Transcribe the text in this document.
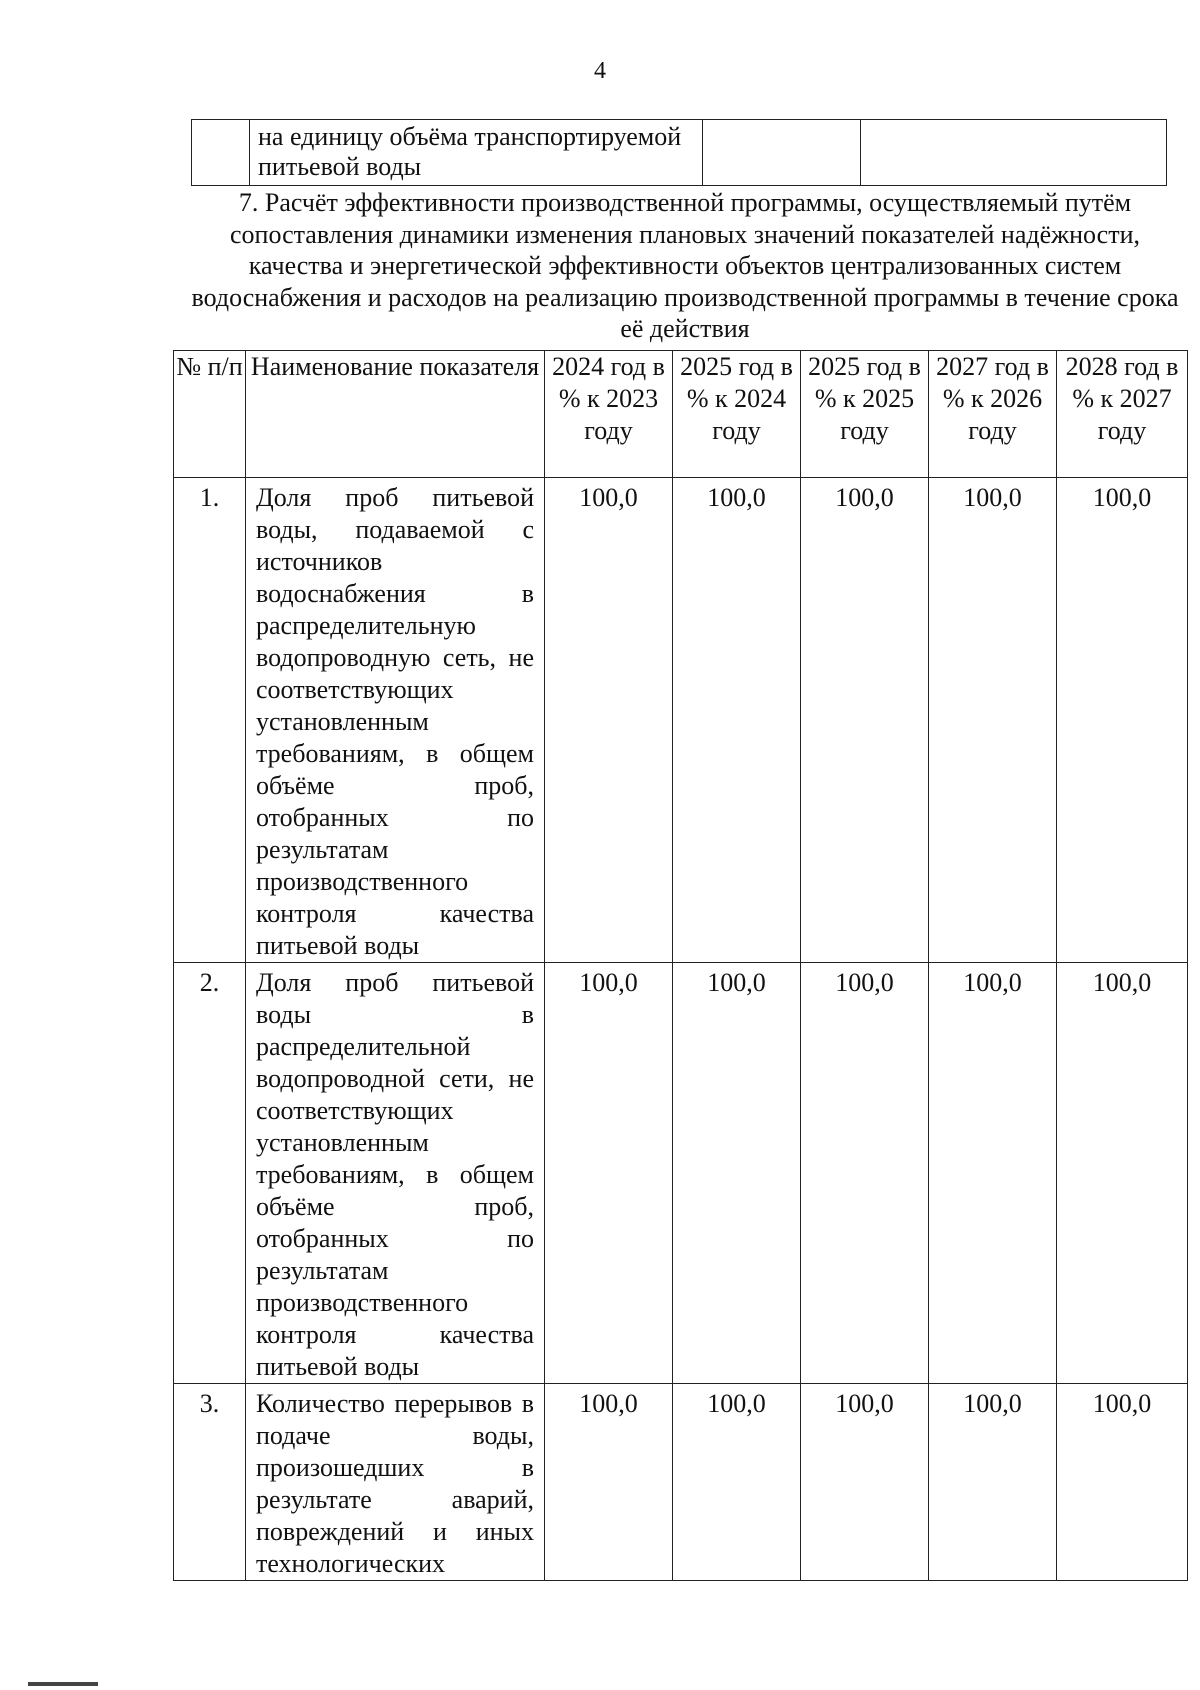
4
	на единицу объёма транспортируемой питьевой воды		
7. Расчёт эффективности производственной программы, осуществляемый путём сопоставления динамики изменения плановых значений показателей надёжности, качества и энергетической эффективности объектов централизованных систем водоснабжения и расходов на реализацию производственной программы в течение срока её действия
№ п/п	Наименование показателя	2024 год в % к 2023 году	2025 год в % к 2024 году	2025 год в % к 2025 году	2027 год в % к 2026 году	2028 год в % к 2027 году
1.	Доля проб питьевой воды, подаваемой с источников водоснабжения в распределительную водопроводную сеть, не соответствующих установленным требованиям, в общем объёме проб, отобранных по результатам производственного контроля качества питьевой воды	100,0	100,0	100,0	100,0	100,0
2.	Доля проб питьевой воды в распределительной водопроводной сети, не соответствующих установленным требованиям, в общем объёме проб, отобранных по результатам производственного контроля качества питьевой воды	100,0	100,0	100,0	100,0	100,0
3.	Количество перерывов в подаче воды, произошедших в результате аварий, повреждений и иных технологических	100,0	100,0	100,0	100,0	100,0
